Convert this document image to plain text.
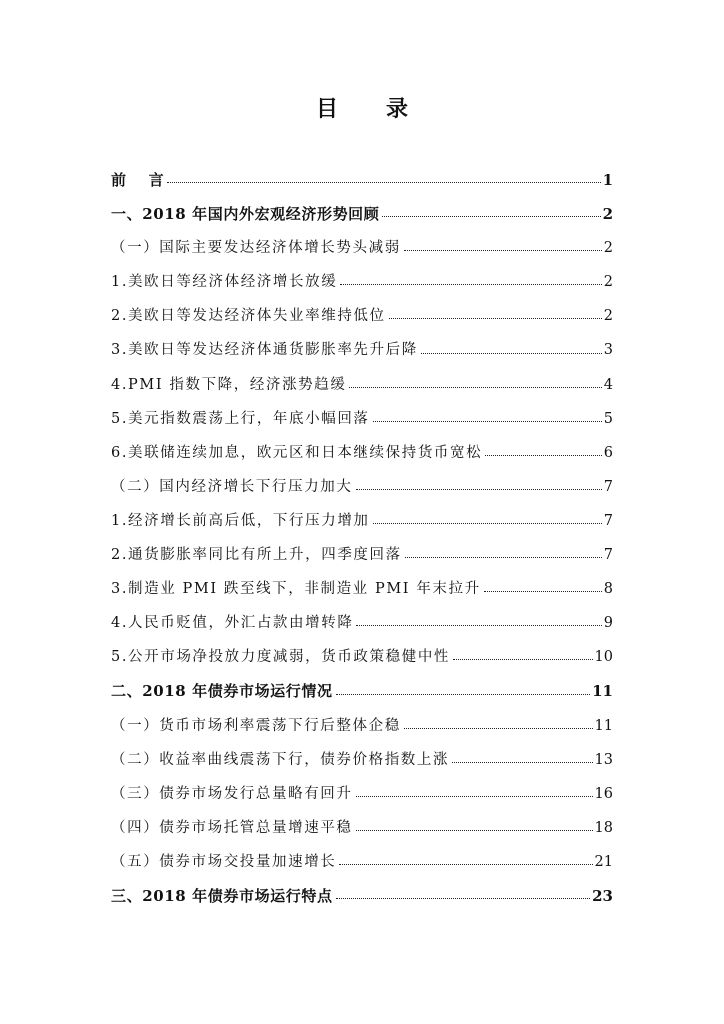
目 录
前 言	1
一、2018 年国内外宏观经济形势回顾	2
（一）国际主要发达经济体增长势头减弱	2
1.美欧日等经济体经济增长放缓	2
2.美欧日等发达经济体失业率维持低位	2
3.美欧日等发达经济体通货膨胀率先升后降	3
4.PMI 指数下降，经济涨势趋缓	4
5.美元指数震荡上行，年底小幅回落	5
6.美联储连续加息，欧元区和日本继续保持货币宽松	6
（二）国内经济增长下行压力加大	7
1.经济增长前高后低，下行压力增加	7
2.通货膨胀率同比有所上升，四季度回落	7
3.制造业 PMI 跌至线下，非制造业 PMI 年末拉升	8
4.人民币贬值，外汇占款由增转降	9
5.公开市场净投放力度减弱，货币政策稳健中性	10
二、2018 年债券市场运行情况	11
（一）货币市场利率震荡下行后整体企稳	11
（二）收益率曲线震荡下行，债券价格指数上涨	13
（三）债券市场发行总量略有回升	16
（四）债券市场托管总量增速平稳	18
（五）债券市场交投量加速增长	21
三、2018 年债券市场运行特点	23
